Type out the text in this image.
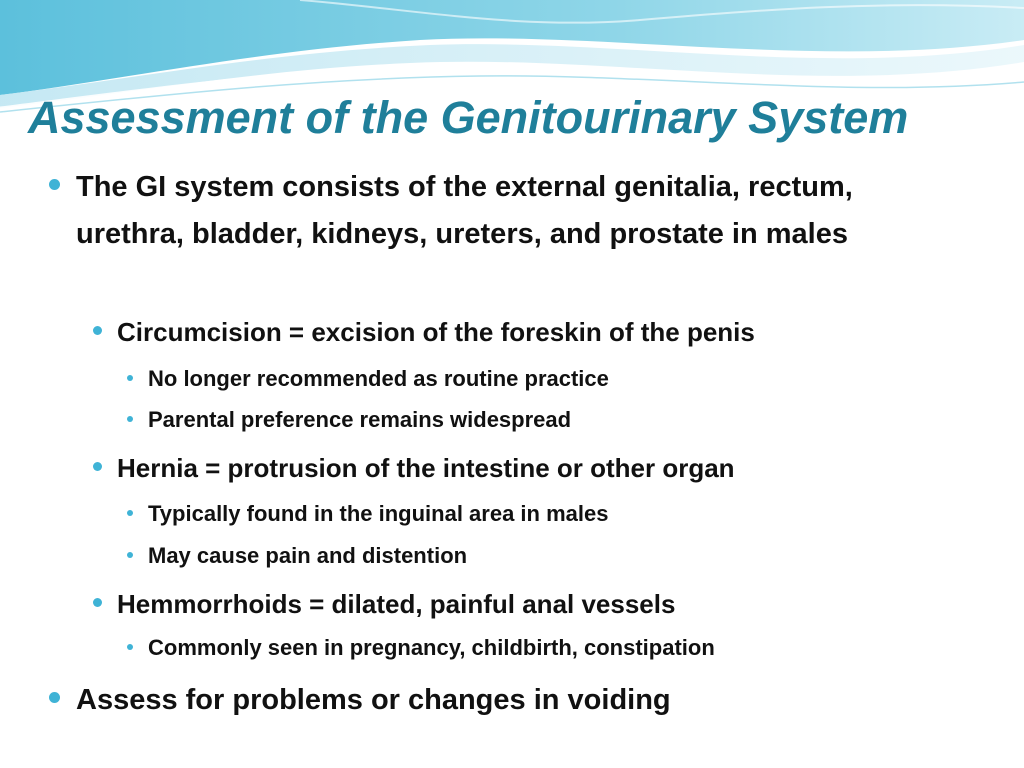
Assessment of the Genitourinary System
The GI system consists of the external genitalia, rectum, urethra, bladder, kidneys, ureters, and prostate in males
Circumcision = excision of the foreskin of the penis
No longer recommended as routine practice
Parental preference remains widespread
Hernia = protrusion of the intestine or other organ
Typically found in the inguinal area in males
May cause pain and distention
Hemmorrhoids = dilated, painful anal vessels
Commonly seen in pregnancy, childbirth, constipation
Assess for problems or changes in voiding
